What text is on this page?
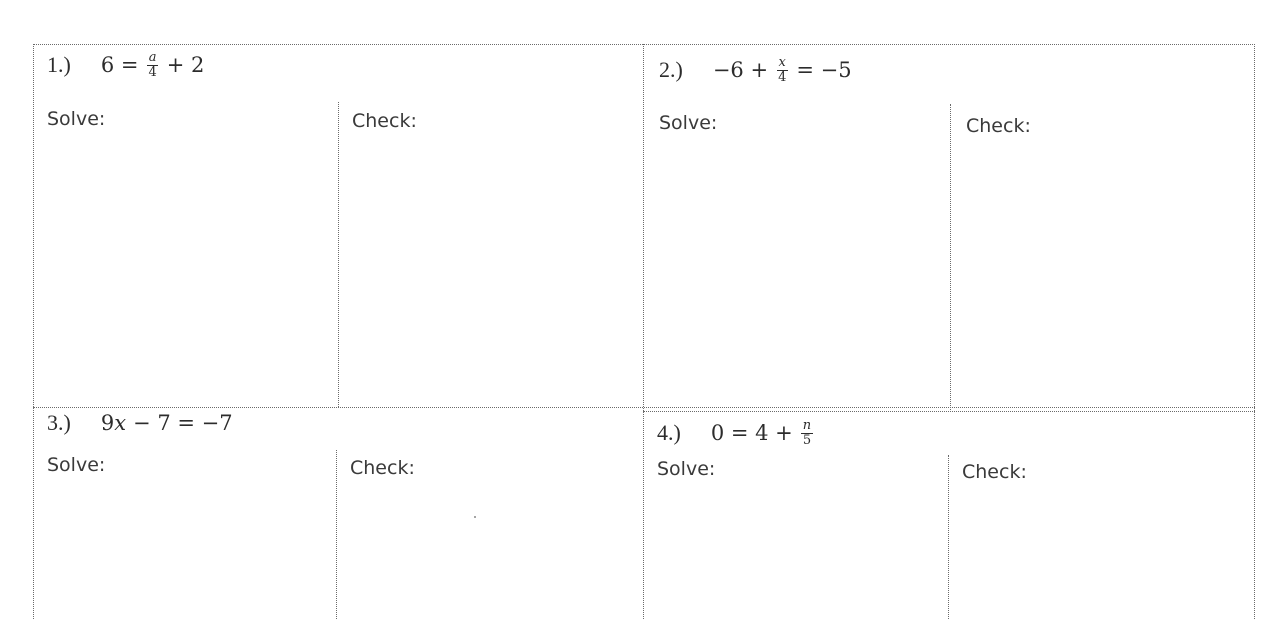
1.) $6 = \frac{a}{4} + 2$
Solve:	Check:
$2.) -6 + \frac{x}{4} = -5$
Solve:	Check:
3.) 9 x − 7 = −7
Solve:	Check:
4.) $0 = 4 + \frac{n}{5}$
Solve:	Check:
